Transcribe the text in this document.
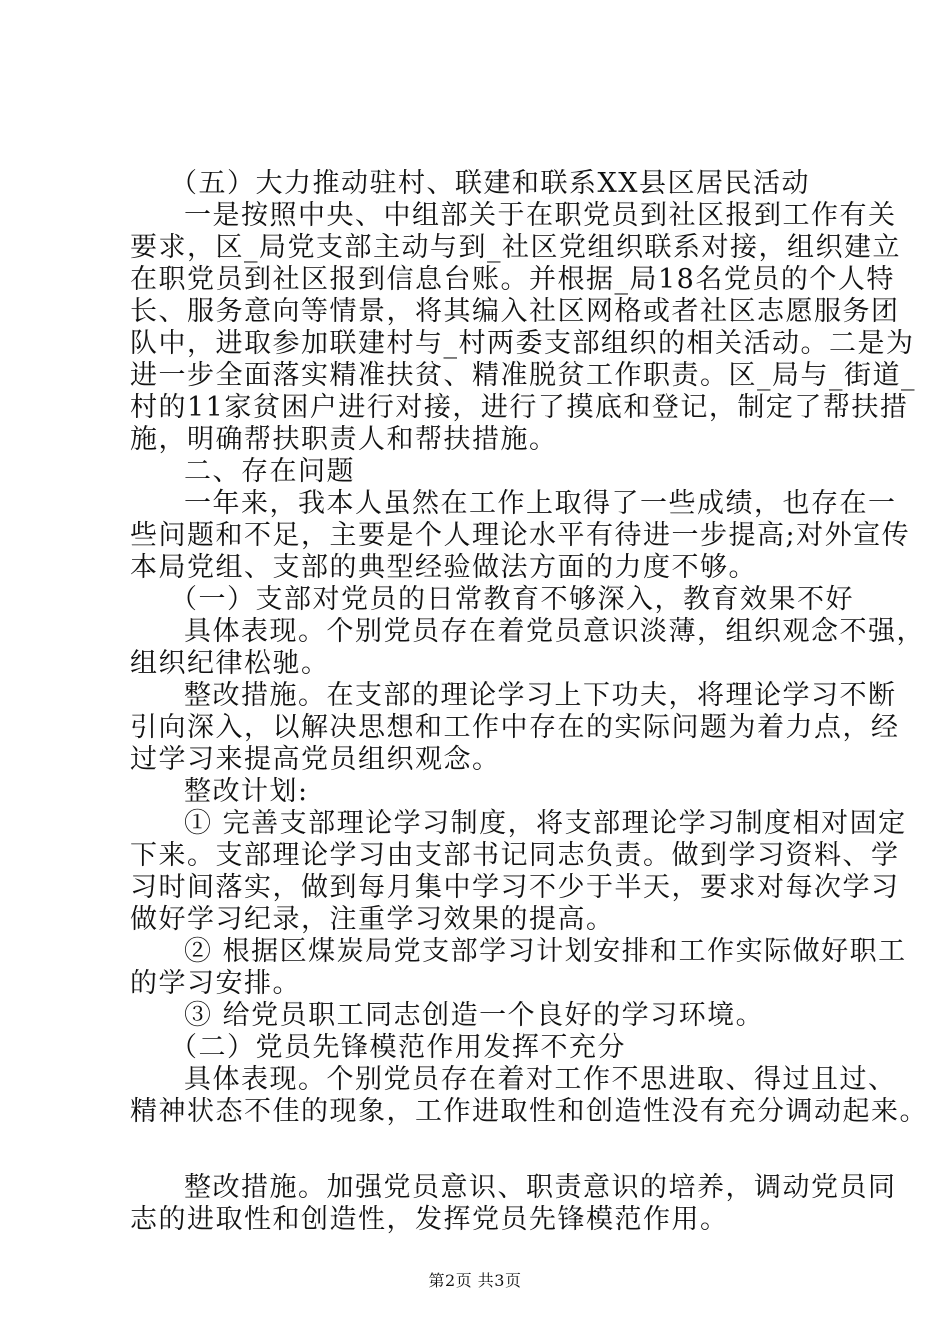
（五）大力推动驻村、联建和联系XX县区居民活动
一是按照中央、中组部关于在职党员到社区报到工作有关
要求，区_局党支部主动与到_社区党组织联系对接，组织建立
在职党员到社区报到信息台账。并根据_局18名党员的个人特
长、服务意向等情景，将其编入社区网格或者社区志愿服务团
队中，进取参加联建村与_村两委支部组织的相关活动。二是为
进一步全面落实精准扶贫、精准脱贫工作职责。区_局与_街道_
村的11家贫困户进行对接，进行了摸底和登记，制定了帮扶措
施，明确帮扶职责人和帮扶措施。
二、存在问题
一年来，我本人虽然在工作上取得了一些成绩，也存在一
些问题和不足，主要是个人理论水平有待进一步提高;对外宣传
本局党组、支部的典型经验做法方面的力度不够。
（一）支部对党员的日常教育不够深入，教育效果不好
具体表现。个别党员存在着党员意识淡薄，组织观念不强，
组织纪律松驰。
整改措施。在支部的理论学习上下功夫，将理论学习不断
引向深入，以解决思想和工作中存在的实际问题为着力点，经
过学习来提高党员组织观念。
整改计划:
① 完善支部理论学习制度，将支部理论学习制度相对固定
下来。支部理论学习由支部书记同志负责。做到学习资料、学
习时间落实，做到每月集中学习不少于半天，要求对每次学习
做好学习纪录，注重学习效果的提高。
② 根据区煤炭局党支部学习计划安排和工作实际做好职工
的学习安排。
③ 给党员职工同志创造一个良好的学习环境。
（二）党员先锋模范作用发挥不充分
具体表现。个别党员存在着对工作不思进取、得过且过、
精神状态不佳的现象，工作进取性和创造性没有充分调动起来。
整改措施。加强党员意识、职责意识的培养，调动党员同
志的进取性和创造性，发挥党员先锋模范作用。
第2页 共3页
